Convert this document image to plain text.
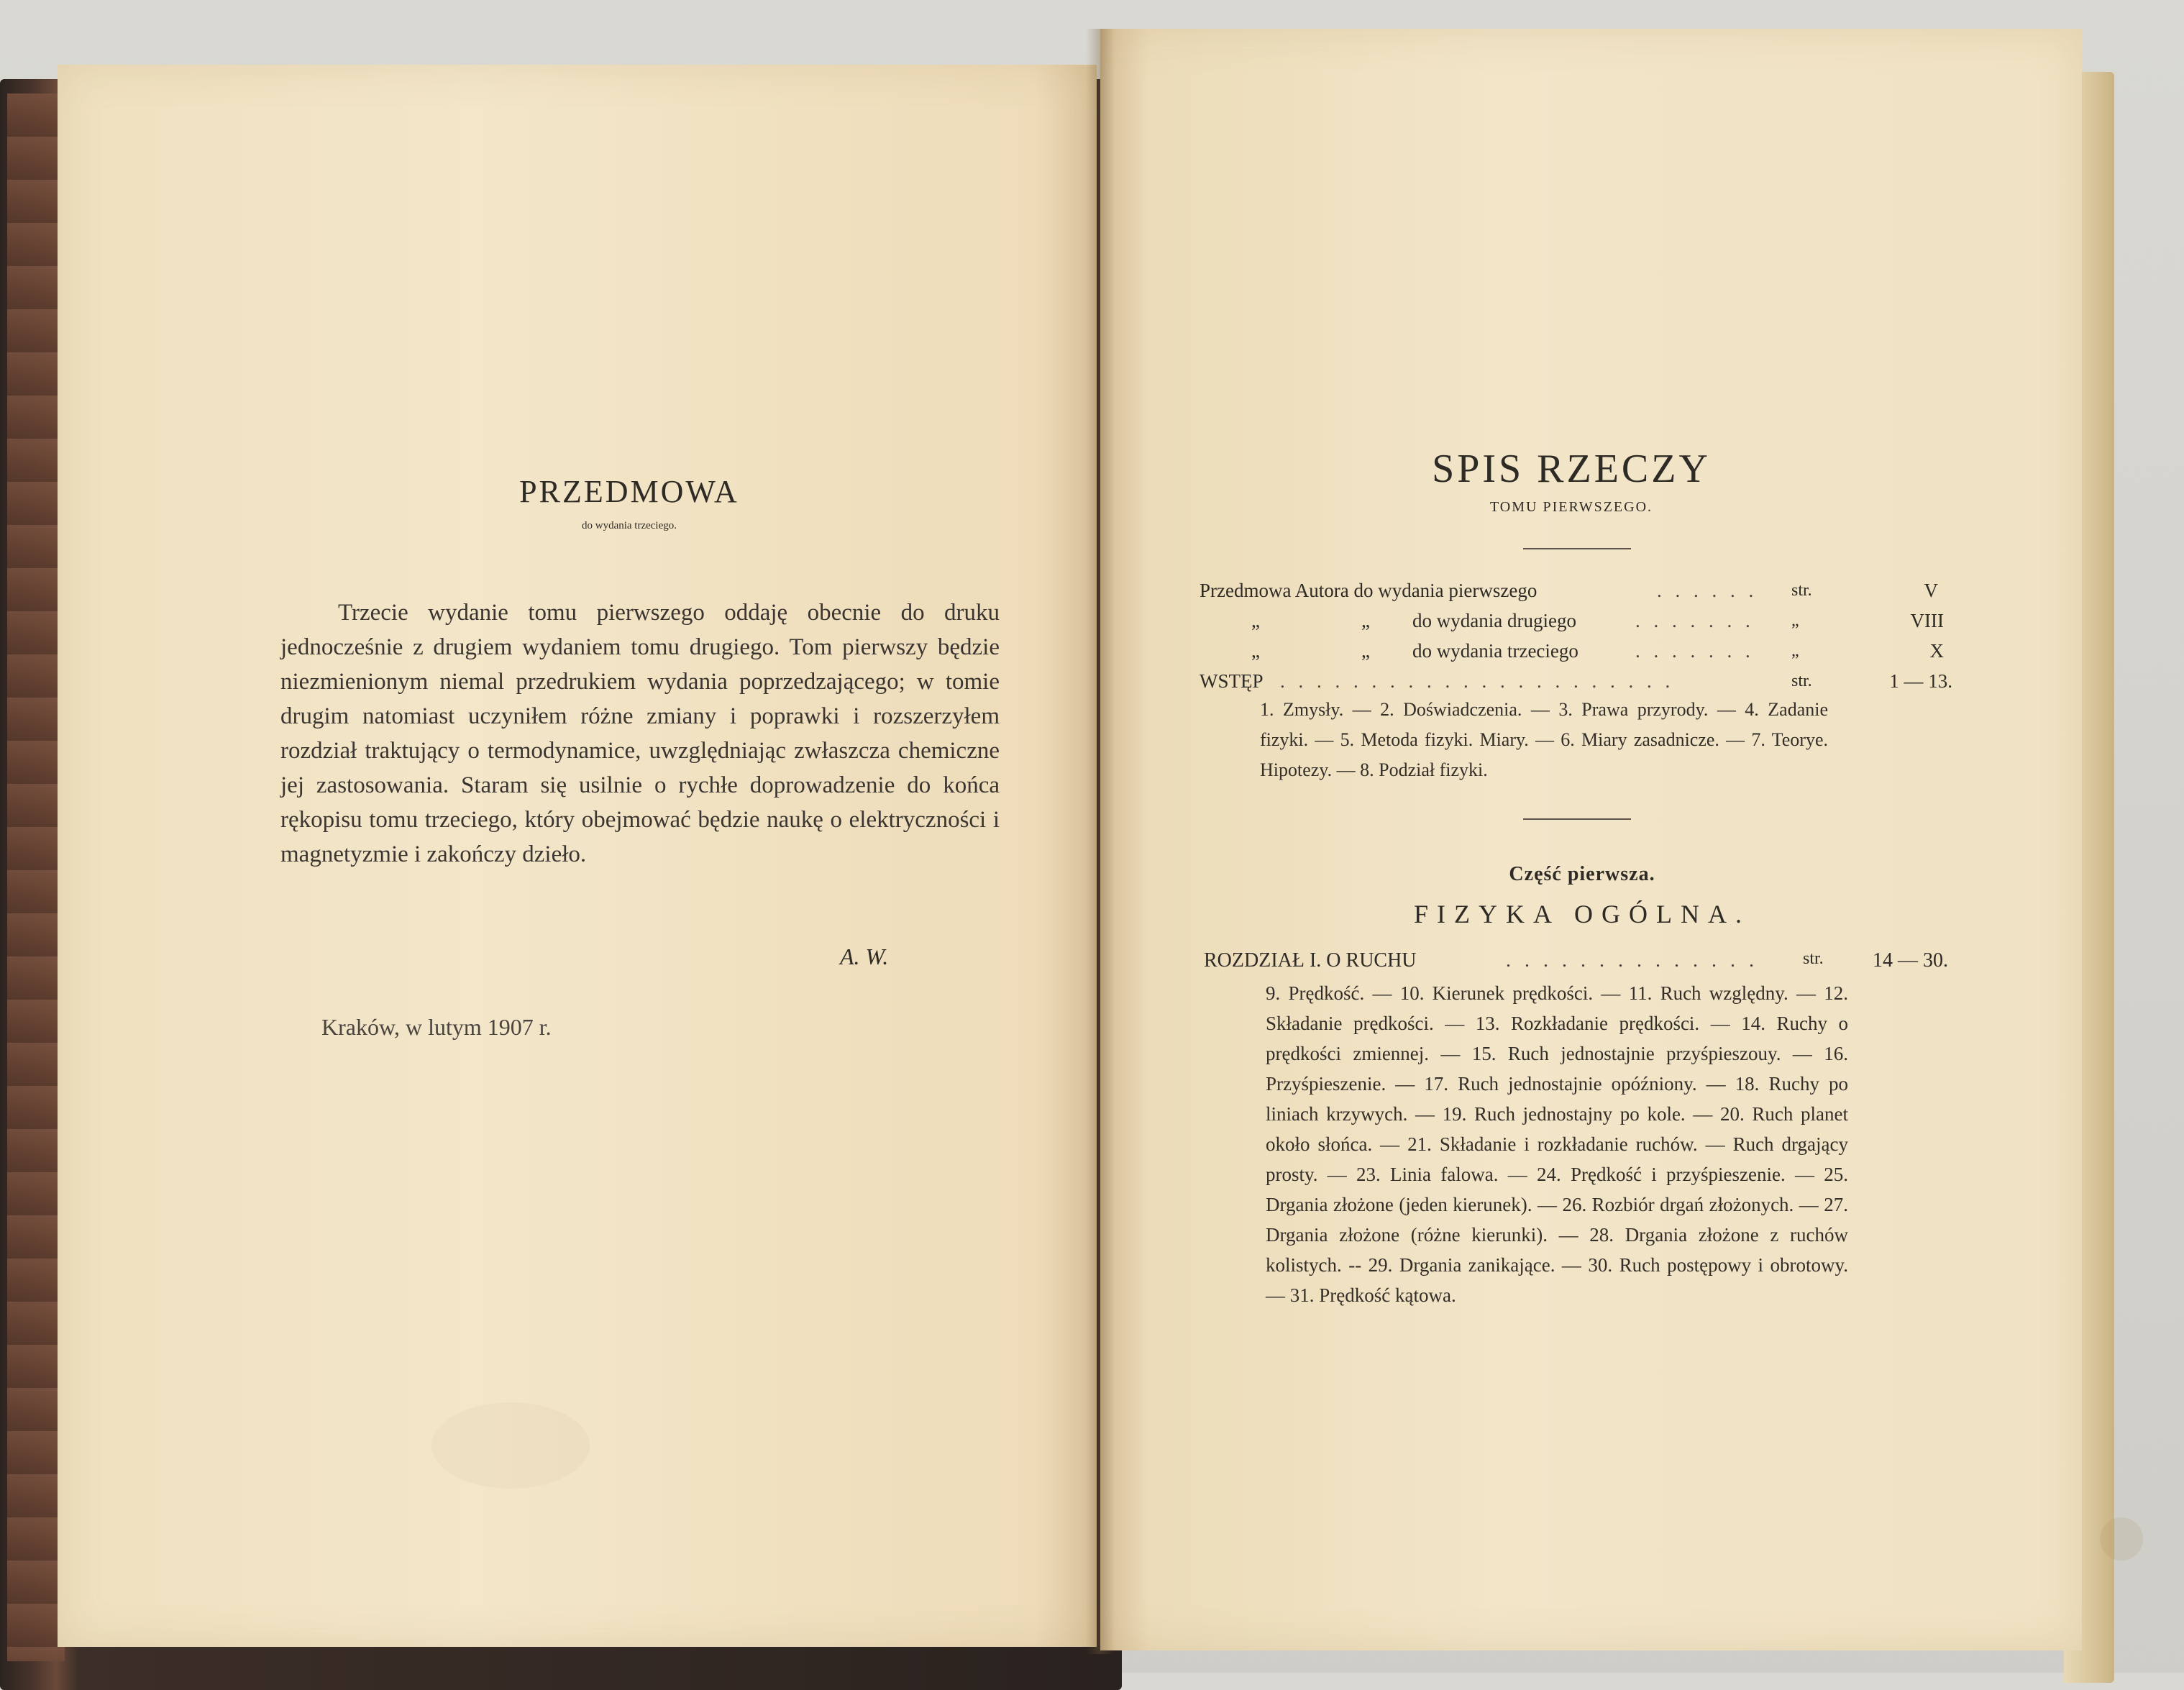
PRZEDMOWA
do wydania trzeciego.

Trzecie wydanie tomu pierwszego oddaję obecnie do druku jednocześnie z drugiem wydaniem tomu drugiego. Tom pierwszy będzie niezmienionym niemal przedrukiem wydania poprzedzającego; w tomie drugim natomiast uczyniłem różne zmiany i poprawki i rozszerzyłem rozdział traktujący o termodynamice, uwzględniając zwłaszcza chemiczne jej zastosowania. Staram się usilnie o rychłe doprowadzenie do końca rękopisu tomu trzeciego, który obejmować będzie naukę o elektryczności i magnetyzmie i zakończy dzieło.

A. W.
Kraków, w lutym 1907 r.
SPIS RZECZY
TOMU PIERWSZEGO.
Przedmowa Autora do wydania pierwszego	. . . . . . str.	V
„	„ do wydania drugiego	. . . . . . . „	VIII
„	„ do wydania trzeciego	. . . . . . . „	X
WSTĘP . . . . . . . . . . . . . . . . . . . . . .	str.	1 — 13.
1. Zmysły. — 2. Doświadczenia. — 3. Prawa przyrody. — 4. Zadanie fizyki. — 5. Metoda fizyki. Miary. — 6. Miary zasadnicze. — 7. Teorye. Hipotezy. — 8. Podział fizyki.
Część pierwsza.
FIZYKA OGÓLNA.
ROZDZIAŁ I. O RUCHU	. . . . . . . . . . . . . .	str. 14 — 30.

9. Prędkość. — 10. Kierunek prędkości. — 11. Ruch względny. — 12. Składanie prędkości. — 13. Rozkładanie prędkości. — 14. Ruchy o prędkości zmiennej. — 15. Ruch jednostajnie przyśpieszouy. — 16. Przyśpieszenie. — 17. Ruch jednostajnie opóźniony. — 18. Ruchy po liniach krzywych. — 19. Ruch jednostajny po kole. — 20. Ruch planet około słońca. — 21. Składanie i rozkładanie ruchów. — Ruch drgający prosty. — 23. Linia falowa. — 24. Prędkość i przyśpieszenie. — 25. Drgania złożone (jeden kierunek). — 26. Rozbiór drgań złożonych. — 27. Drgania złożone (różne kierunki). — 28. Drgania złożone z ruchów kolistych. -- 29. Drgania zanikające. — 30. Ruch postępowy i obrotowy. — 31. Prędkość kątowa.
